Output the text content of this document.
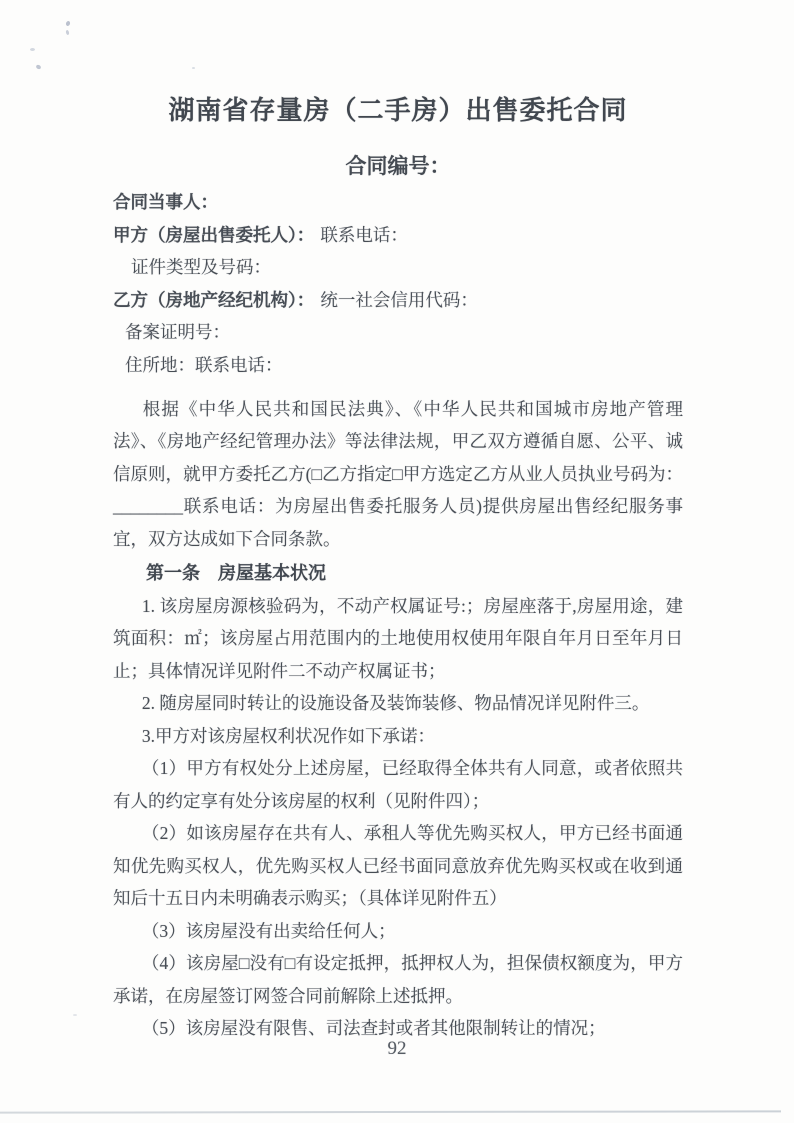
湖南省存量房（二手房）出售委托合同
合同编号：

合同当事人：

甲方（房屋出售委托人）： 联系电话：

证件类型及号码：

乙方（房地产经纪机构）： 统一社会信用代码：

备案证明号：

住所地：联系电话：

根据《中华人民共和国民法典》、《中华人民共和国城市房地产管理法》、《房地产经纪管理办法》等法律法规，甲乙双方遵循自愿、公平、诚信原则，就甲方委托乙方(□乙方指定□甲方选定乙方从业人员执业号码为：________联系电话：为房屋出售委托服务人员)提供房屋出售经纪服务事宜，双方达成如下合同条款。

第一条　房屋基本状况

1. 该房屋房源核验码为，不动产权属证号:；房屋座落于,房屋用途，建筑面积：㎡；该房屋占用范围内的土地使用权使用年限自年月日至年月日止；具体情况详见附件二不动产权属证书；

2. 随房屋同时转让的设施设备及装饰装修、物品情况详见附件三。

3.甲方对该房屋权利状况作如下承诺：

（1）甲方有权处分上述房屋，已经取得全体共有人同意，或者依照共有人的约定享有处分该房屋的权利（见附件四）；

（2）如该房屋存在共有人、承租人等优先购买权人，甲方已经书面通知优先购买权人，优先购买权人已经书面同意放弃优先购买权或在收到通知后十五日内未明确表示购买；（具体详见附件五）

（3）该房屋没有出卖给任何人；

（4）该房屋□没有□有设定抵押，抵押权人为，担保债权额度为，甲方承诺，在房屋签订网签合同前解除上述抵押。

（5）该房屋没有限售、司法查封或者其他限制转让的情况；

92
